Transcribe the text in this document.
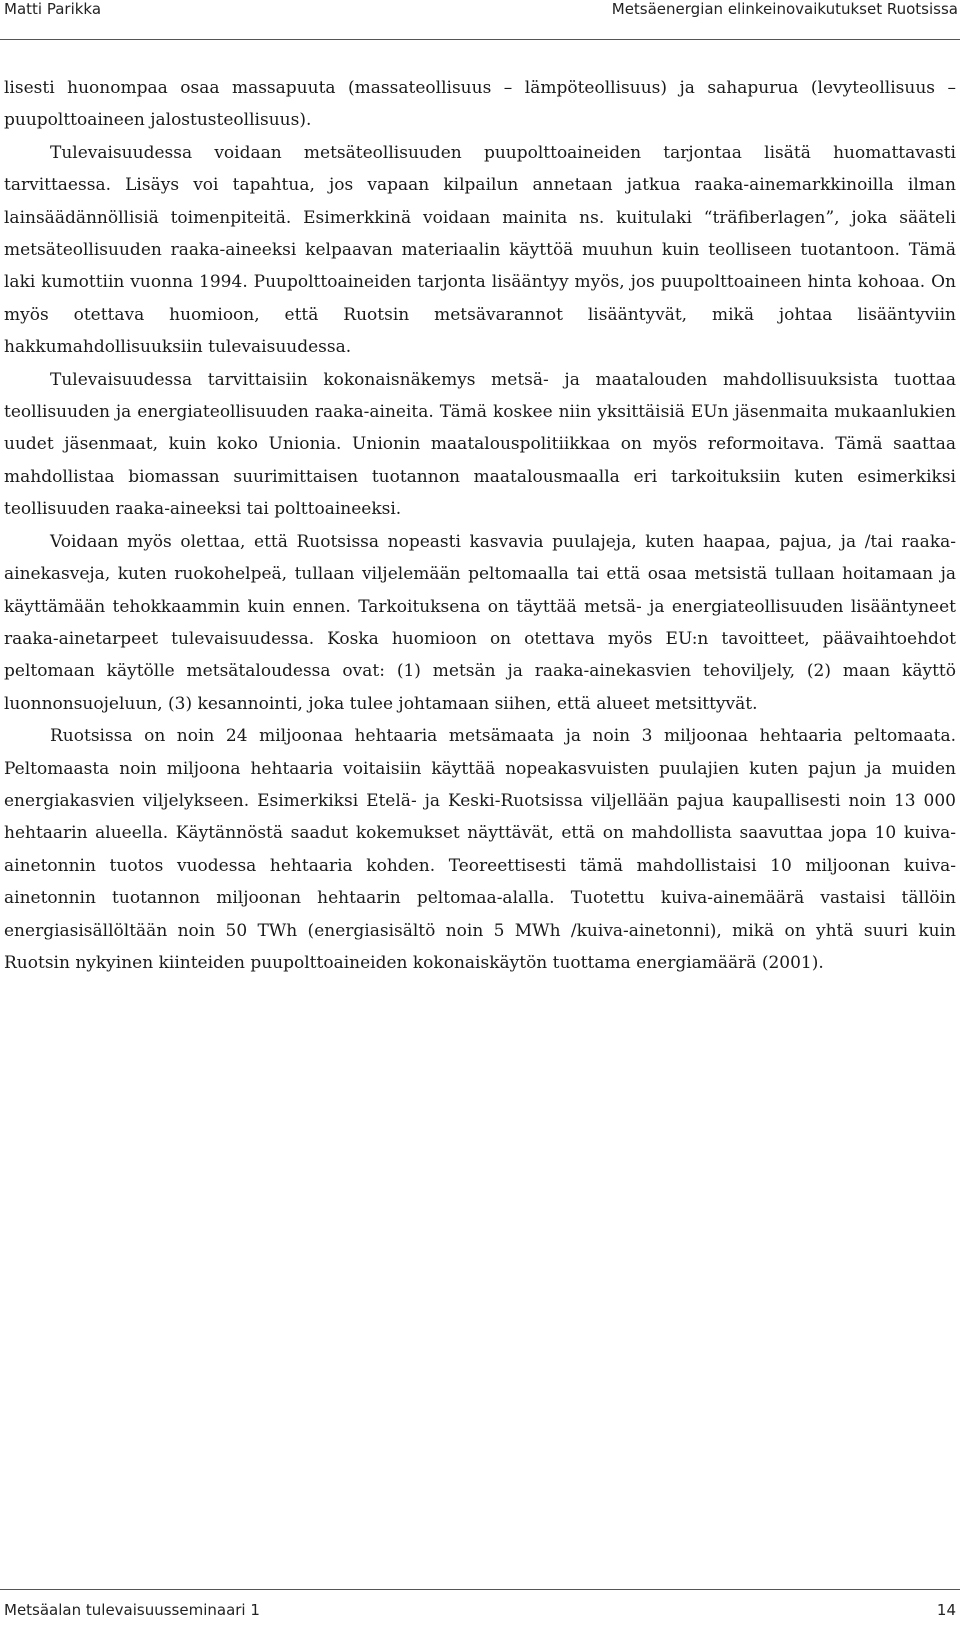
Matti Parikka	Metsäenergian elinkeinovaikutukset Ruotsissa

lisesti huonompaa osaa massapuuta (massateollisuus – lämpöteollisuus) ja sahapurua (levyteollisuus – puupolttoaineen jalostusteollisuus).

Tulevaisuudessa voidaan metsäteollisuuden puupolttoaineiden tarjontaa lisätä huomattavasti tarvittaessa. Lisäys voi tapahtua, jos vapaan kilpailun annetaan jatkua raaka-ainemarkkinoilla ilman lainsäädännöllisiä toimenpiteitä. Esimerkkinä voidaan mainita ns. kuitulaki “träfiberlagen”, joka sääteli metsäteollisuuden raaka-aineeksi kelpaavan materiaalin käyttöä muuhun kuin teolliseen tuotantoon. Tämä laki kumottiin vuonna 1994. Puupolttoaineiden tarjonta lisääntyy myös, jos puupolttoaineen hinta kohoaa. On myös otettava huomioon, että Ruotsin metsävarannot lisääntyvät, mikä johtaa lisääntyviin hakkumahdollisuuksiin tulevaisuudessa.

Tulevaisuudessa tarvittaisiin kokonaisnäkemys metsä- ja maatalouden mahdollisuuksista tuottaa teollisuuden ja energiateollisuuden raaka-aineita. Tämä koskee niin yksittäisiä EUn jäsenmaita mukaanlukien uudet jäsenmaat, kuin koko Unionia. Unionin maatalouspolitiikkaa on myös reformoitava. Tämä saattaa mahdollistaa biomassan suurimittaisen tuotannon maatalousmaalla eri tarkoituksiin kuten esimerkiksi teollisuuden raaka-aineeksi tai polttoaineeksi.

Voidaan myös olettaa, että Ruotsissa nopeasti kasvavia puulajeja, kuten haapaa, pajua, ja /tai raaka-ainekasveja, kuten ruokohelpeä, tullaan viljelemään peltomaalla tai että osaa metsistä tullaan hoitamaan ja käyttämään tehokkaammin kuin ennen. Tarkoituksena on täyttää metsä- ja energiateollisuuden lisääntyneet raaka-ainetarpeet tulevaisuudessa. Koska huomioon on otettava myös EU:n tavoitteet, päävaihtoehdot peltomaan käytölle metsätaloudessa ovat: (1) metsän ja raaka-ainekasvien tehoviljely, (2) maan käyttö luonnonsuojeluun, (3) kesannointi, joka tulee johtamaan siihen, että alueet metsittyvät.

Ruotsissa on noin 24 miljoonaa hehtaaria metsämaata ja noin 3 miljoonaa hehtaaria peltomaata. Peltomaasta noin miljoona hehtaaria voitaisiin käyttää nopeakasvuisten puulajien kuten pajun ja muiden energiakasvien viljelykseen. Esimerkiksi Etelä- ja Keski-Ruotsissa viljellään pajua kaupallisesti noin 13 000 hehtaarin alueella. Käytännöstä saadut kokemukset näyttävät, että on mahdollista saavuttaa jopa 10 kuiva-ainetonnin tuotos vuodessa hehtaaria kohden. Teoreettisesti tämä mahdollistaisi 10 miljoonan kuiva-ainetonnin tuotannon miljoonan hehtaarin peltomaa-alalla. Tuotettu kuiva-ainemäärä vastaisi tällöin energiasisällöltään noin 50 TWh (energiasisältö noin 5 MWh /kuiva-ainetonni), mikä on yhtä suuri kuin Ruotsin nykyinen kiinteiden puupolttoaineiden kokonaiskäytön tuottama energiamäärä (2001).

Metsäalan tulevaisuusseminaari 1	14
